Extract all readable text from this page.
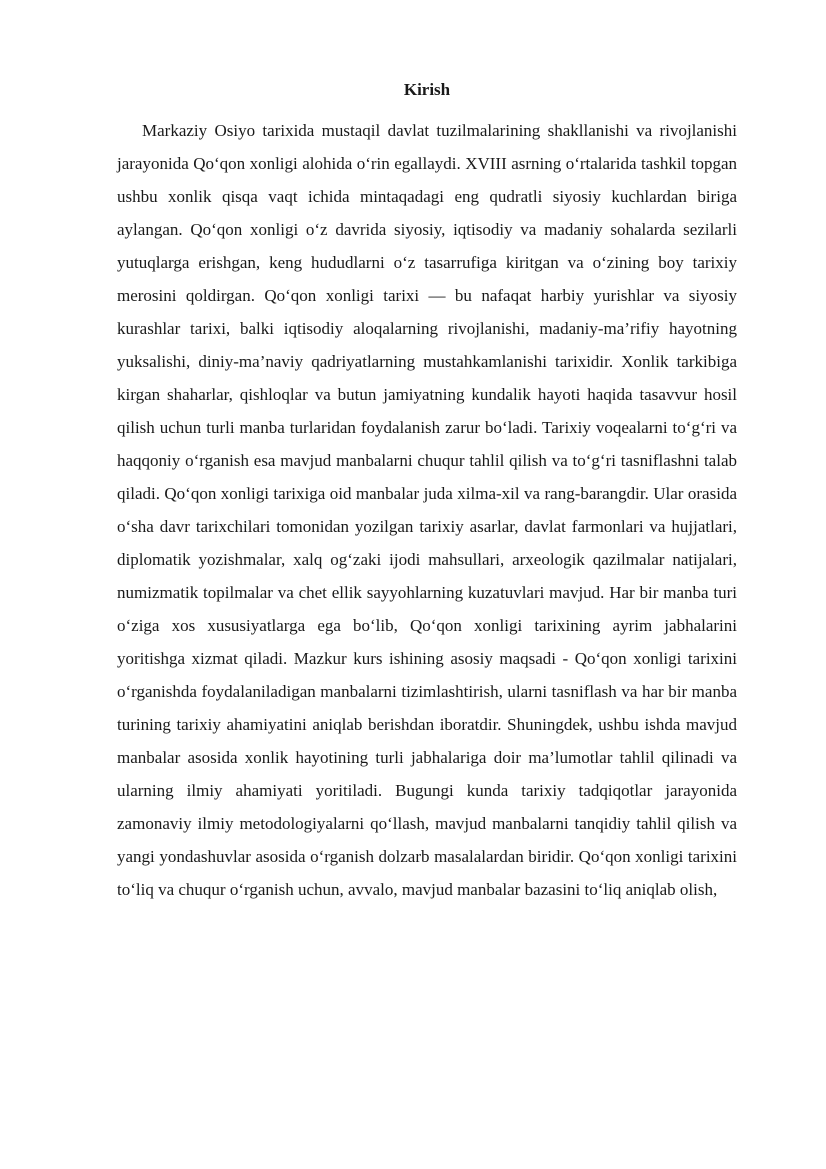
Kirish

Markaziy Osiyo tarixida mustaqil davlat tuzilmalarining shakllanishi va rivojlanishi jarayonida Qo‘qon xonligi alohida o‘rin egallaydi. XVIII asrning o‘rtalarida tashkil topgan ushbu xonlik qisqa vaqt ichida mintaqadagi eng qudratli siyosiy kuchlardan biriga aylangan. Qo‘qon xonligi o‘z davrida siyosiy, iqtisodiy va madaniy sohalarda sezilarli yutuqlarga erishgan, keng hududlarni o‘z tasarrufiga kiritgan va o‘zining boy tarixiy merosini qoldirgan. Qo‘qon xonligi tarixi — bu nafaqat harbiy yurishlar va siyosiy kurashlar tarixi, balki iqtisodiy aloqalarning rivojlanishi, madaniy-ma’rifiy hayotning yuksalishi, diniy-ma’naviy qadriyatlarning mustahkamlanishi tarixidir. Xonlik tarkibiga kirgan shaharlar, qishloqlar va butun jamiyatning kundalik hayoti haqida tasavvur hosil qilish uchun turli manba turlaridan foydalanish zarur bo‘ladi. Tarixiy voqealarni to‘g‘ri va haqqoniy o‘rganish esa mavjud manbalarni chuqur tahlil qilish va to‘g‘ri tasniflashni talab qiladi. Qo‘qon xonligi tarixiga oid manbalar juda xilma-xil va rang-barangdir. Ular orasida o‘sha davr tarixchilari tomonidan yozilgan tarixiy asarlar, davlat farmonlari va hujjatlari, diplomatik yozishmalar, xalq og‘zaki ijodi mahsullari, arxeologik qazilmalar natijalari, numizmatik topilmalar va chet ellik sayyohlarning kuzatuvlari mavjud. Har bir manba turi o‘ziga xos xususiyatlarga ega bo‘lib, Qo‘qon xonligi tarixining ayrim jabhalarini yoritishga xizmat qiladi. Mazkur kurs ishining asosiy maqsadi - Qo‘qon xonligi tarixini o‘rganishda foydalaniladigan manbalarni tizimlashtirish, ularni tasniflash va har bir manba turining tarixiy ahamiyatini aniqlab berishdan iboratdir. Shuningdek, ushbu ishda mavjud manbalar asosida xonlik hayotining turli jabhalariga doir ma’lumotlar tahlil qilinadi va ularning ilmiy ahamiyati yoritiladi. Bugungi kunda tarixiy tadqiqotlar jarayonida zamonaviy ilmiy metodologiyalarni qo‘llash, mavjud manbalarni tanqidiy tahlil qilish va yangi yondashuvlar asosida o‘rganish dolzarb masalalardan biridir. Qo‘qon xonligi tarixini to‘liq va chuqur o‘rganish uchun, avvalo, mavjud manbalar bazasini to‘liq aniqlab olish,
